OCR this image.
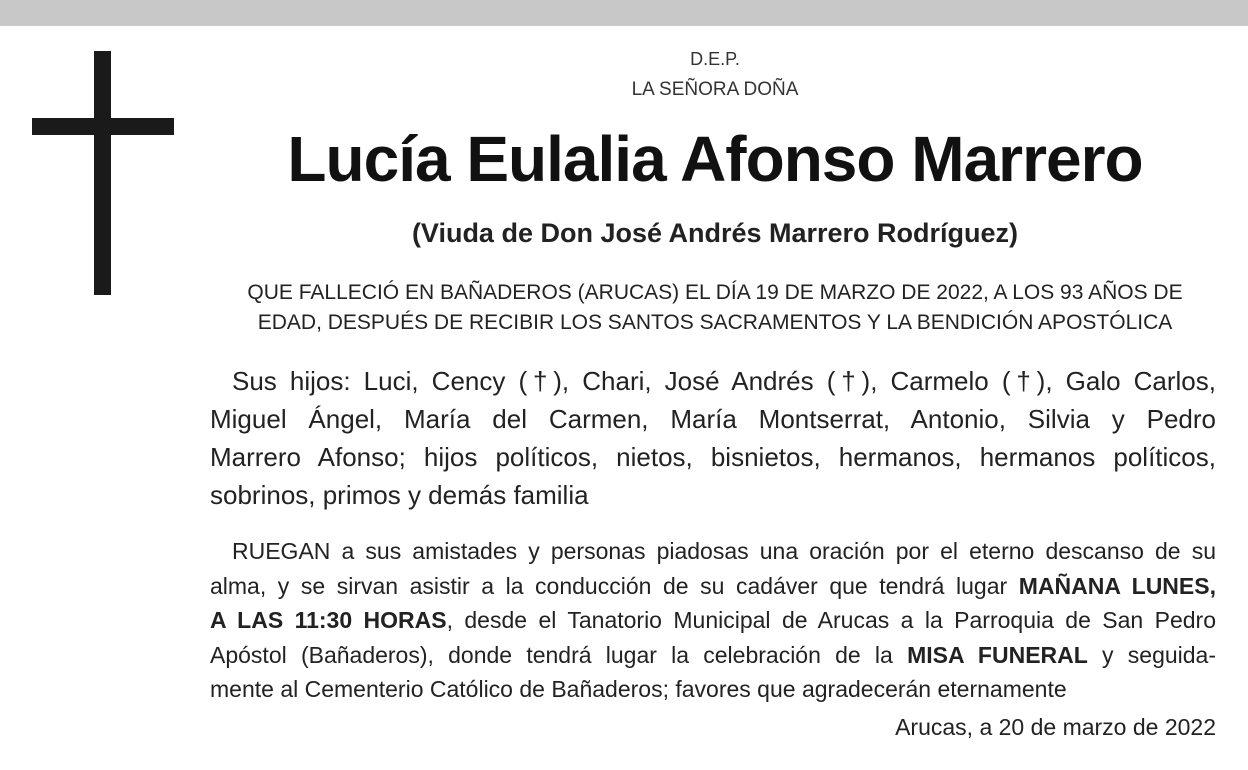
D.E.P.
LA SEÑORA DOÑA
Lucía Eulalia Afonso Marrero
(Viuda de Don José Andrés Marrero Rodríguez)
QUE FALLECIÓ EN BAÑADEROS (ARUCAS) EL DÍA 19 DE MARZO DE 2022, A LOS 93 AÑOS DE
EDAD, DESPUÉS DE RECIBIR LOS SANTOS SACRAMENTOS Y LA BENDICIÓN APOSTÓLICA
Sus hijos: Luci, Cency (†), Chari, José Andrés (†), Carmelo (†), Galo Carlos,
Miguel Ángel, María del Carmen, María Montserrat, Antonio, Silvia y Pedro
Marrero Afonso; hijos políticos, nietos, bisnietos, hermanos, hermanos políticos,
sobrinos, primos y demás familia
RUEGAN a sus amistades y personas piadosas una oración por el eterno descanso de su
alma, y se sirvan asistir a la conducción de su cadáver que tendrá lugar MAÑANA LUNES,
A LAS 11:30 HORAS, desde el Tanatorio Municipal de Arucas a la Parroquia de San Pedro
Apóstol (Bañaderos), donde tendrá lugar la celebración de la MISA FUNERAL y seguida-
mente al Cementerio Católico de Bañaderos; favores que agradecerán eternamente
Arucas, a 20 de marzo de 2022
